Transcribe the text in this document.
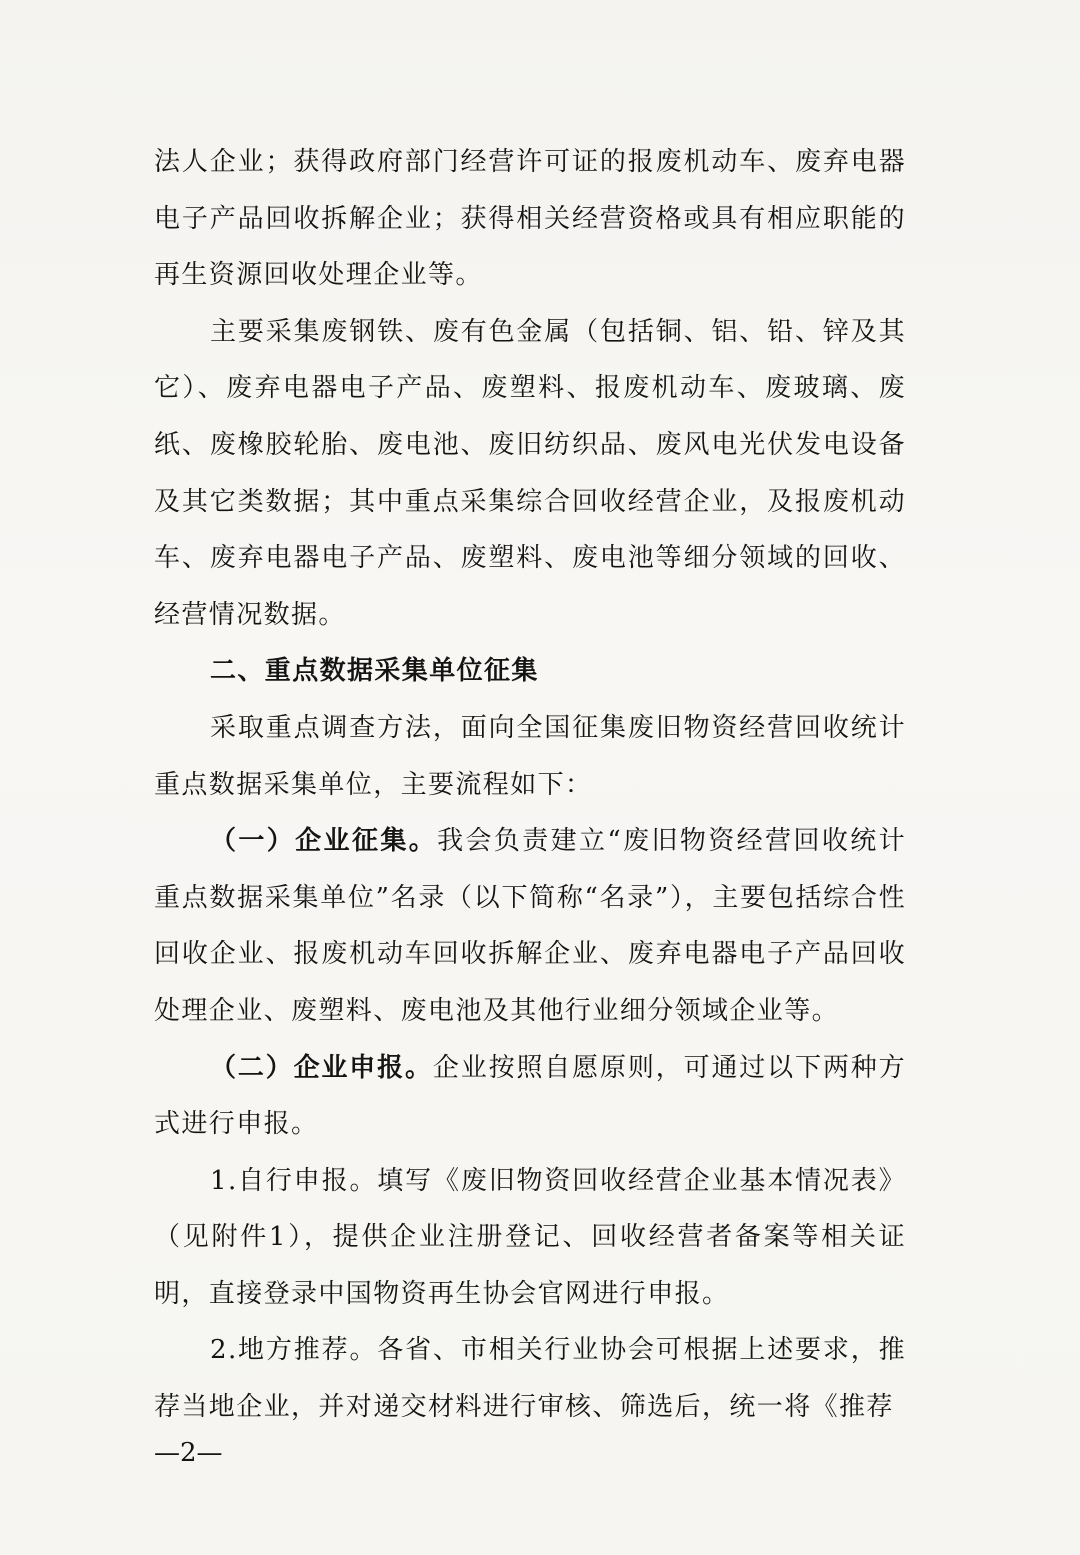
法人企业；获得政府部门经营许可证的报废机动车、废弃电器电子产品回收拆解企业；获得相关经营资格或具有相应职能的再生资源回收处理企业等。

主要采集废钢铁、废有色金属（包括铜、铝、铅、锌及其它）、废弃电器电子产品、废塑料、报废机动车、废玻璃、废纸、废橡胶轮胎、废电池、废旧纺织品、废风电光伏发电设备及其它类数据；其中重点采集综合回收经营企业，及报废机动车、废弃电器电子产品、废塑料、废电池等细分领域的回收、经营情况数据。

二、重点数据采集单位征集

采取重点调查方法，面向全国征集废旧物资经营回收统计重点数据采集单位，主要流程如下：

（一）企业征集。我会负责建立“废旧物资经营回收统计重点数据采集单位”名录（以下简称“名录”），主要包括综合性回收企业、报废机动车回收拆解企业、废弃电器电子产品回收处理企业、废塑料、废电池及其他行业细分领域企业等。

（二）企业申报。企业按照自愿原则，可通过以下两种方式进行申报。

1.自行申报。填写《废旧物资回收经营企业基本情况表》（见附件1），提供企业注册登记、回收经营者备案等相关证明，直接登录中国物资再生协会官网进行申报。

2.地方推荐。各省、市相关行业协会可根据上述要求，推荐当地企业，并对递交材料进行审核、筛选后，统一将《推荐

—2—
